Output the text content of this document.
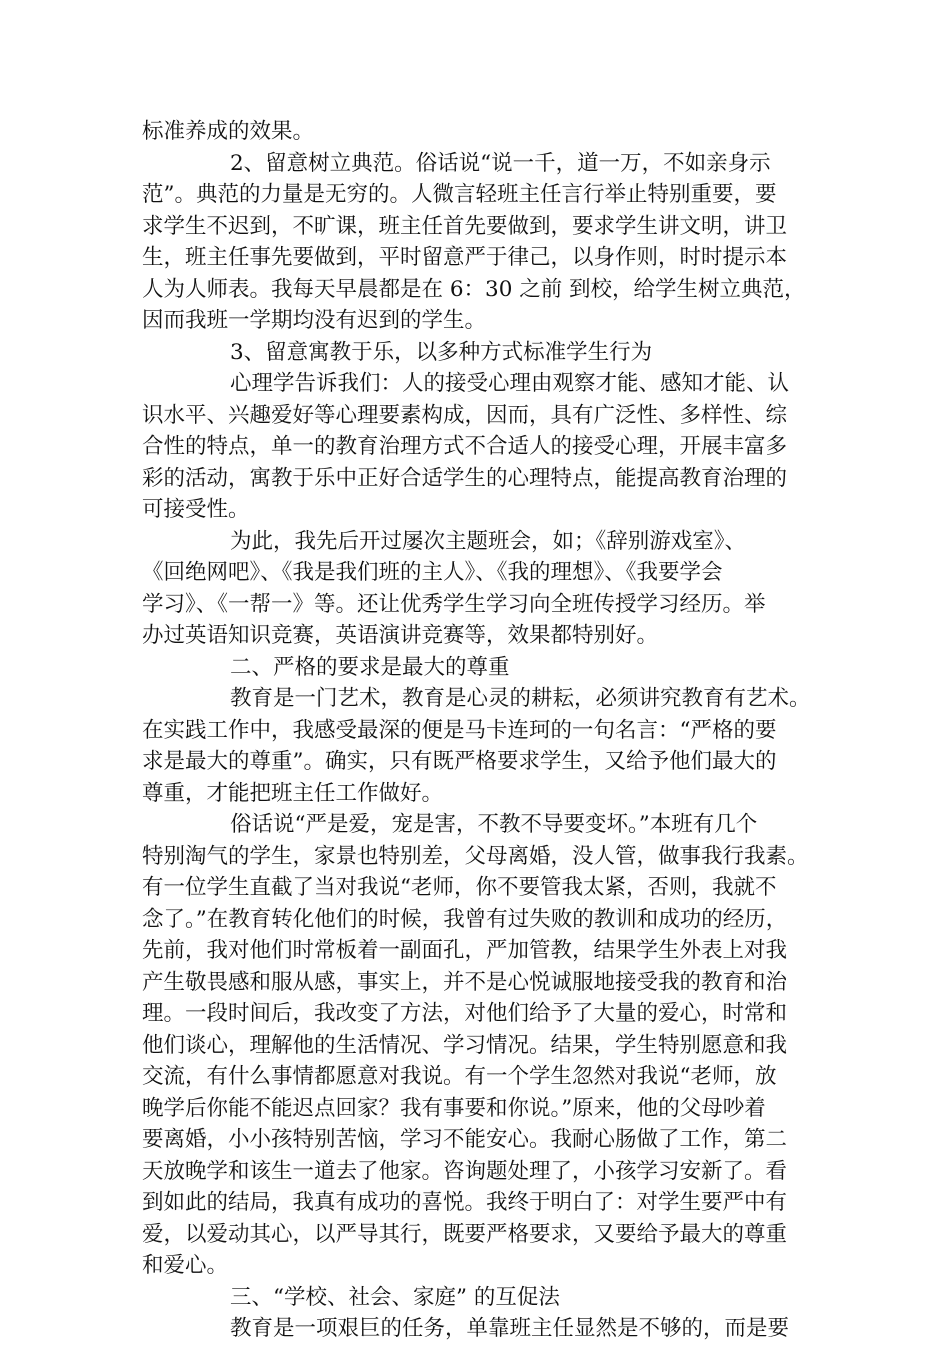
标准养成的效果。
2、留意树立典范。俗话说“说一千，道一万，不如亲身示
范”。典范的力量是无穷的。人微言轻班主任言行举止特别重要，要
求学生不迟到，不旷课，班主任首先要做到，要求学生讲文明，讲卫
生，班主任事先要做到，平时留意严于律己，以身作则，时时提示本
人为人师表。我每天早晨都是在 6：30 之前 到校，给学生树立典范，
因而我班一学期均没有迟到的学生。
3、留意寓教于乐，以多种方式标准学生行为
心理学告诉我们：人的接受心理由观察才能、感知才能、认
识水平、兴趣爱好等心理要素构成，因而，具有广泛性、多样性、综
合性的特点，单一的教育治理方式不合适人的接受心理，开展丰富多
彩的活动，寓教于乐中正好合适学生的心理特点，能提高教育治理的
可接受性。
为此，我先后开过屡次主题班会，如；《辞别游戏室》、
《回绝网吧》、《我是我们班的主人》、《我的理想》、《我要学会
学习》、《一帮一》等。还让优秀学生学习向全班传授学习经历。举
办过英语知识竞赛，英语演讲竞赛等，效果都特别好。
二、严格的要求是最大的尊重
教育是一门艺术，教育是心灵的耕耘，必须讲究教育有艺术。
在实践工作中，我感受最深的便是马卡连珂的一句名言：“严格的要
求是最大的尊重”。确实，只有既严格要求学生，又给予他们最大的
尊重，才能把班主任工作做好。
俗话说“严是爱，宠是害，不教不导要变坏。”本班有几个
特别淘气的学生，家景也特别差，父母离婚，没人管，做事我行我素。
有一位学生直截了当对我说“老师，你不要管我太紧，否则，我就不
念了。”在教育转化他们的时候，我曾有过失败的教训和成功的经历，
先前，我对他们时常板着一副面孔，严加管教，结果学生外表上对我
产生敬畏感和服从感，事实上，并不是心悦诚服地接受我的教育和治
理。一段时间后，我改变了方法，对他们给予了大量的爱心，时常和
他们谈心，理解他的生活情况、学习情况。结果，学生特别愿意和我
交流，有什么事情都愿意对我说。有一个学生忽然对我说“老师，放
晚学后你能不能迟点回家？我有事要和你说。”原来，他的父母吵着
要离婚，小小孩特别苦恼，学习不能安心。我耐心肠做了工作，第二
天放晚学和该生一道去了他家。咨询题处理了，小孩学习安新了。看
到如此的结局，我真有成功的喜悦。我终于明白了：对学生要严中有
爱，以爱动其心，以严导其行，既要严格要求，又要给予最大的尊重
和爱心。
三、“学校、社会、家庭” 的互促法
教育是一项艰巨的任务，单靠班主任显然是不够的，而是要
